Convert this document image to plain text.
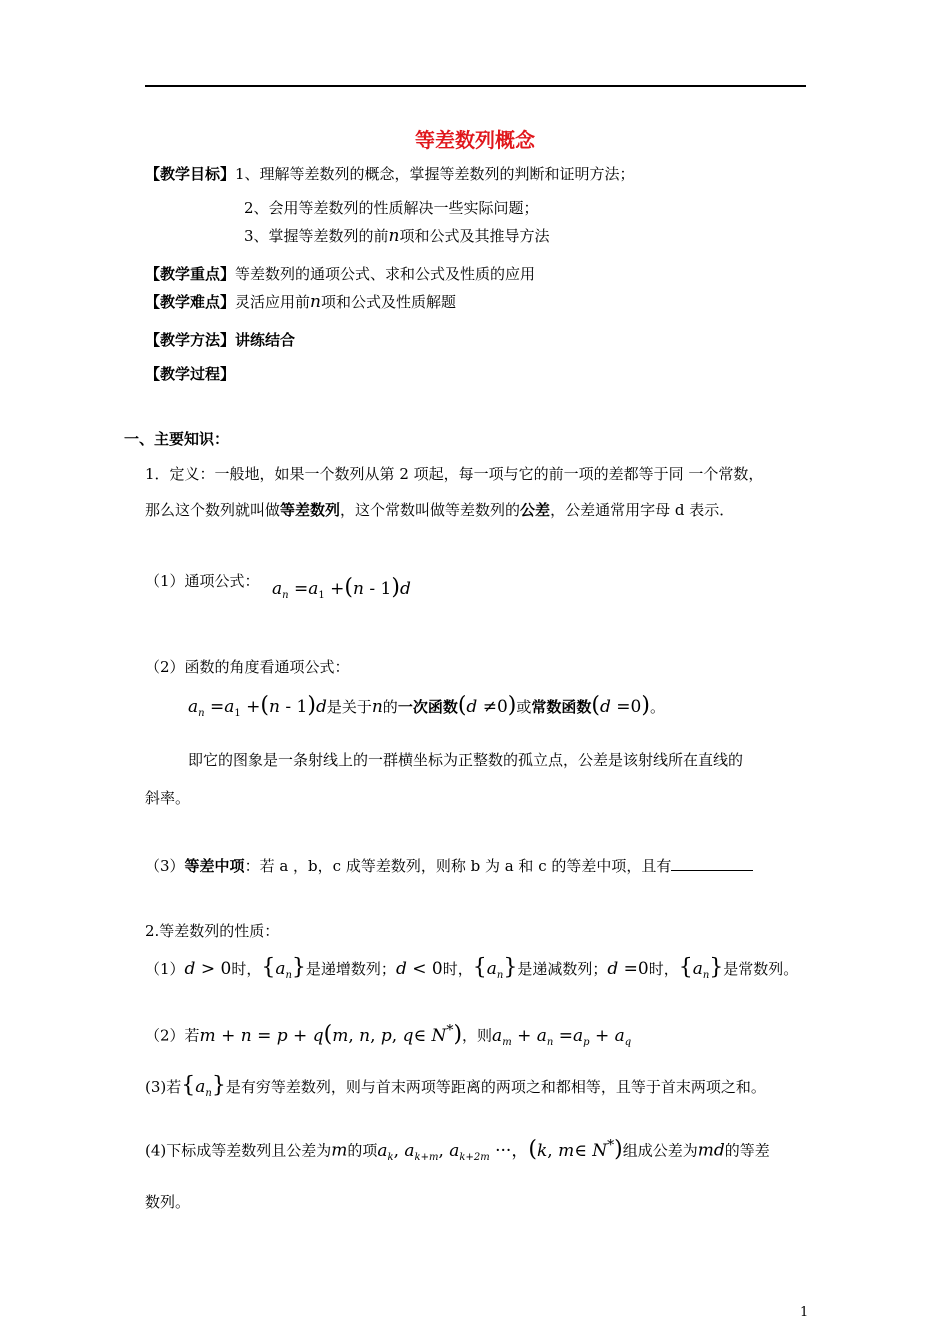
等差数列概念
【教学目标】1、理解等差数列的概念，掌握等差数列的判断和证明方法；
2、会用等差数列的性质解决一些实际问题；
3、掌握等差数列的前n项和公式及其推导方法
【教学重点】等差数列的通项公式、求和公式及性质的应用
【教学难点】灵活应用前n项和公式及性质解题
【教学方法】讲练结合
【教学过程】
一、主要知识：
1．定义：一般地，如果一个数列从第 2 项起，每一项与它的前一项的差都等于同 一个常数，
那么这个数列就叫做等差数列，这个常数叫做等差数列的公差，公差通常用字母 d 表示．
（1）通项公式： $a_n =a_1 +(n - 1)d$
（2）函数的角度看通项公式：
$a_n =a_1 +(n - 1)d$是关于n的一次函数(d ≠0)或常数函数(d =0)。
即它的图象是一条射线上的一群横坐标为正整数的孤立点，公差是该射线所在直线的
斜率。
（3）等差中项：若 a ，b，c 成等差数列，则称 b 为 a 和 c 的等差中项，且有
2.等差数列的性质：
（1）d > 0时，$\{a_n\}$是递增数列；d < 0时，$\{a_n\}$是递减数列；d =0时，$\{a_n\}$是常数列。
（2）若m + n = p + q(m, n, p, q∈ N*)，则$a_m + a_n =a_p + a_q$
(3)若$\{a_n\}$是有穷等差数列，则与首末两项等距离的两项之和都相等，且等于首末两项之和。
(4)下标成等差数列且公差为m的项$a_k$, $a_{k+m}$, $a_{k+2m}$ ···，(k, m∈ N*)组成公差为md的等差
数列。
1
